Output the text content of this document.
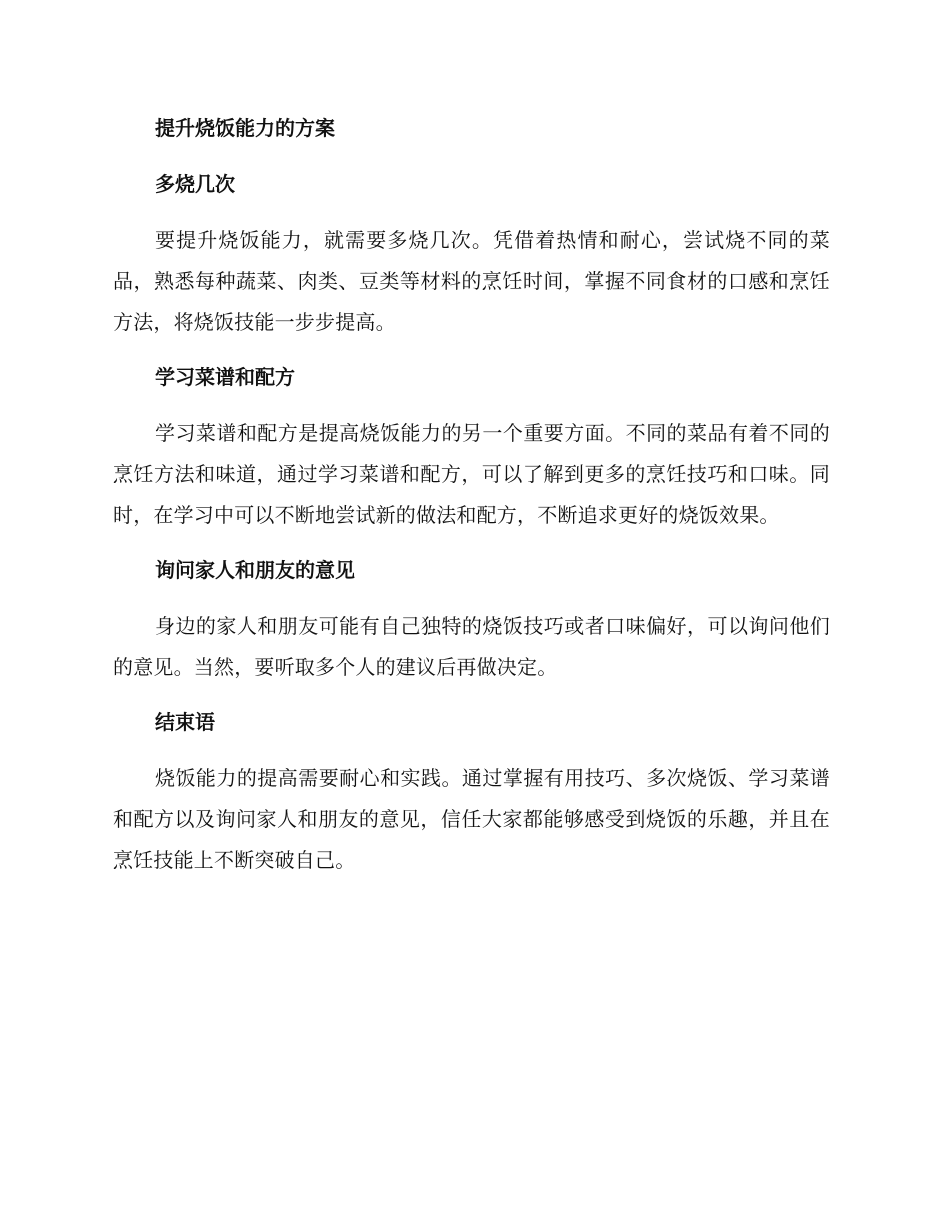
提升烧饭能力的方案
多烧几次

要提升烧饭能力，就需要多烧几次。凭借着热情和耐心，尝试烧不同的菜品，熟悉每种蔬菜、肉类、豆类等材料的烹饪时间，掌握不同食材的口感和烹饪方法，将烧饭技能一步步提高。

学习菜谱和配方

学习菜谱和配方是提高烧饭能力的另一个重要方面。不同的菜品有着不同的烹饪方法和味道，通过学习菜谱和配方，可以了解到更多的烹饪技巧和口味。同时，在学习中可以不断地尝试新的做法和配方，不断追求更好的烧饭效果。

询问家人和朋友的意见

身边的家人和朋友可能有自己独特的烧饭技巧或者口味偏好，可以询问他们的意见。当然，要听取多个人的建议后再做决定。

结束语

烧饭能力的提高需要耐心和实践。通过掌握有用技巧、多次烧饭、学习菜谱和配方以及询问家人和朋友的意见，信任大家都能够感受到烧饭的乐趣，并且在烹饪技能上不断突破自己。
